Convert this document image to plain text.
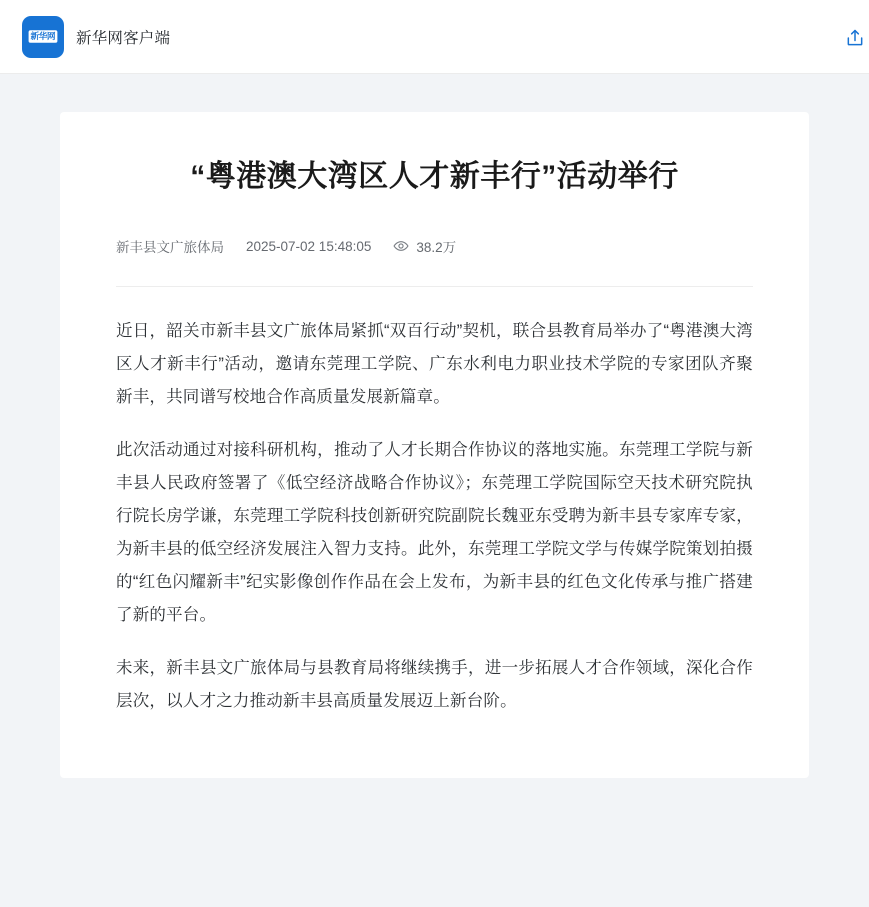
新华网 新华网客户端
“粤港澳大湾区人才新丰行”活动举行
新丰县文广旅体局 2025-07-02 15:48:05	38.2万

近日，韶关市新丰县文广旅体局紧抓“双百行动”契机，联合县教育局举办了“粤港澳大湾区人才新丰行”活动，邀请东莞理工学院、广东水利电力职业技术学院的专家团队齐聚新丰，共同谱写校地合作高质量发展新篇章。

此次活动通过对接科研机构，推动了人才长期合作协议的落地实施。东莞理工学院与新丰县人民政府签署了《低空经济战略合作协议》；东莞理工学院国际空天技术研究院执行院长房学谦，东莞理工学院科技创新研究院副院长魏亚东受聘为新丰县专家库专家，为新丰县的低空经济发展注入智力支持。此外，东莞理工学院文学与传媒学院策划拍摄的“红色闪耀新丰”纪实影像创作作品在会上发布，为新丰县的红色文化传承与推广搭建了新的平台。

未来，新丰县文广旅体局与县教育局将继续携手，进一步拓展人才合作领域，深化合作层次，以人才之力推动新丰县高质量发展迈上新台阶。
